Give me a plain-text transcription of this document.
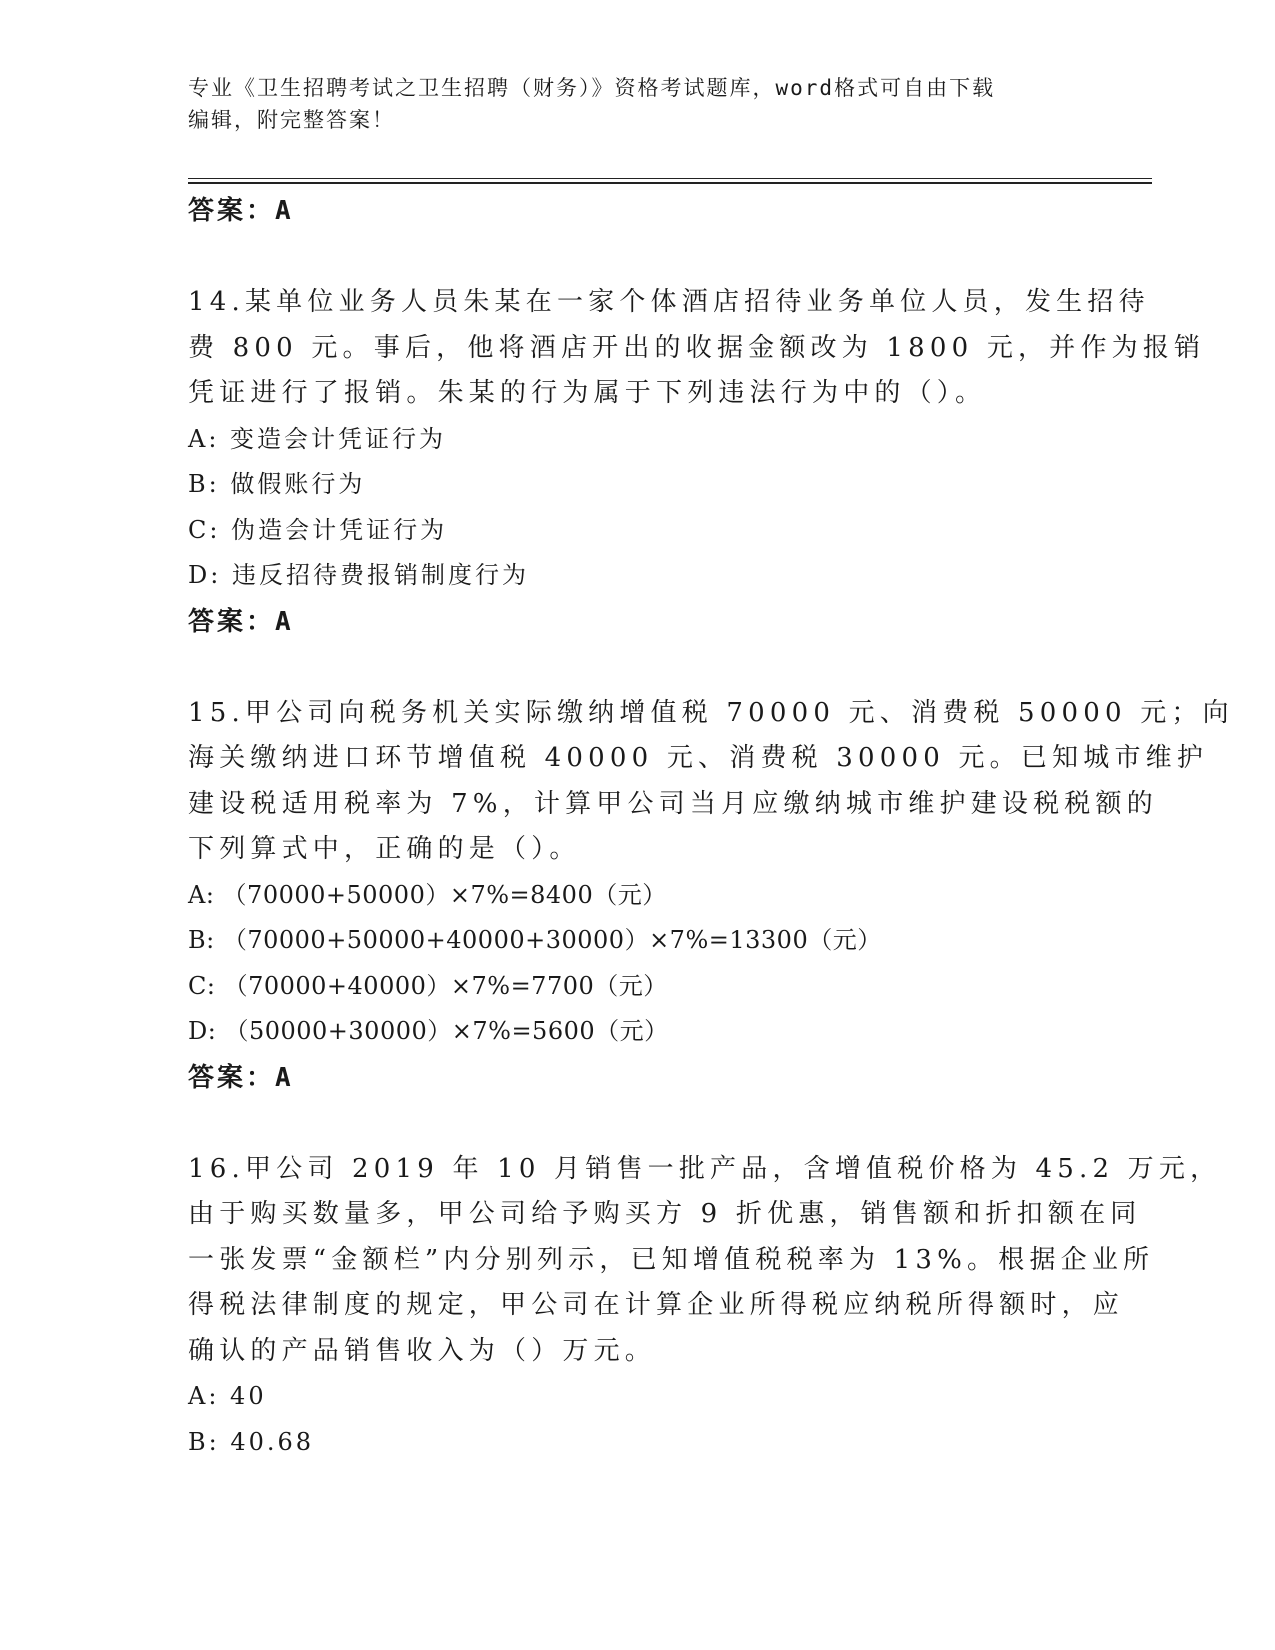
专业《卫生招聘考试之卫生招聘（财务）》资格考试题库，word格式可自由下载
编辑，附完整答案！
答案：A
14.某单位业务人员朱某在一家个体酒店招待业务单位人员，发生招待
费 800 元。事后，他将酒店开出的收据金额改为 1800 元，并作为报销
凭证进行了报销。朱某的行为属于下列违法行为中的（）。
A: 变造会计凭证行为
B: 做假账行为
C: 伪造会计凭证行为
D: 违反招待费报销制度行为
答案：A
15.甲公司向税务机关实际缴纳增值税 70000 元、消费税 50000 元；向
海关缴纳进口环节增值税 40000 元、消费税 30000 元。已知城市维护
建设税适用税率为 7%，计算甲公司当月应缴纳城市维护建设税税额的
下列算式中，正确的是（）。
A: （70000+50000）×7%=8400（元）
B: （70000+50000+40000+30000）×7%=13300（元）
C: （70000+40000）×7%=7700（元）
D: （50000+30000）×7%=5600（元）
答案：A
16.甲公司 2019 年 10 月销售一批产品，含增值税价格为 45.2 万元，
由于购买数量多，甲公司给予购买方 9 折优惠，销售额和折扣额在同
一张发票“金额栏”内分别列示，已知增值税税率为 13%。根据企业所
得税法律制度的规定，甲公司在计算企业所得税应纳税所得额时，应
确认的产品销售收入为（）万元。
A: 40
B: 40.68
